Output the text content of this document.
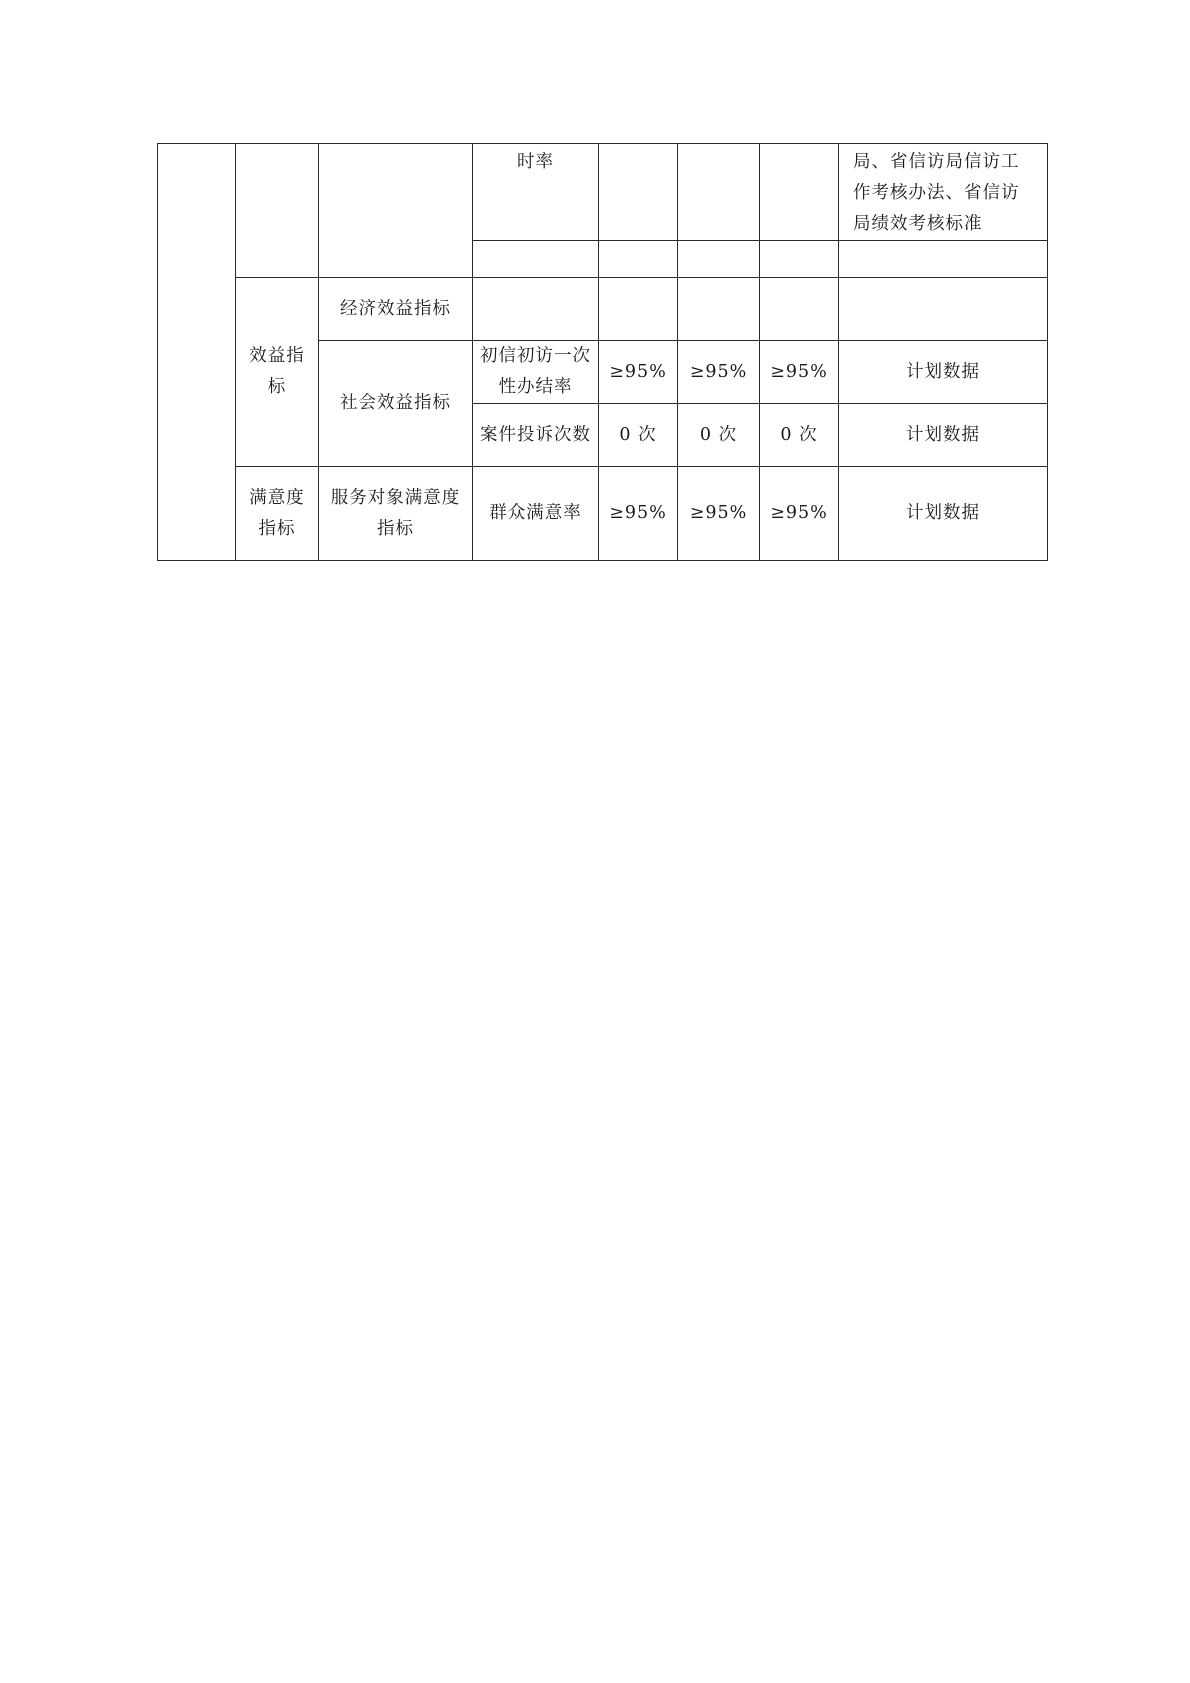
			时率				局、省信访局信访工作考核办法、省信访局绩效考核标准

	效益指标	经济效益指标					
		社会效益指标	初信初访一次性办结率	≥95%	≥95%	≥95%	计划数据
			案件投诉次数	0 次	0 次	0 次	计划数据
	满意度指标	服务对象满意度指标	群众满意率	≥95%	≥95%	≥95%	计划数据
